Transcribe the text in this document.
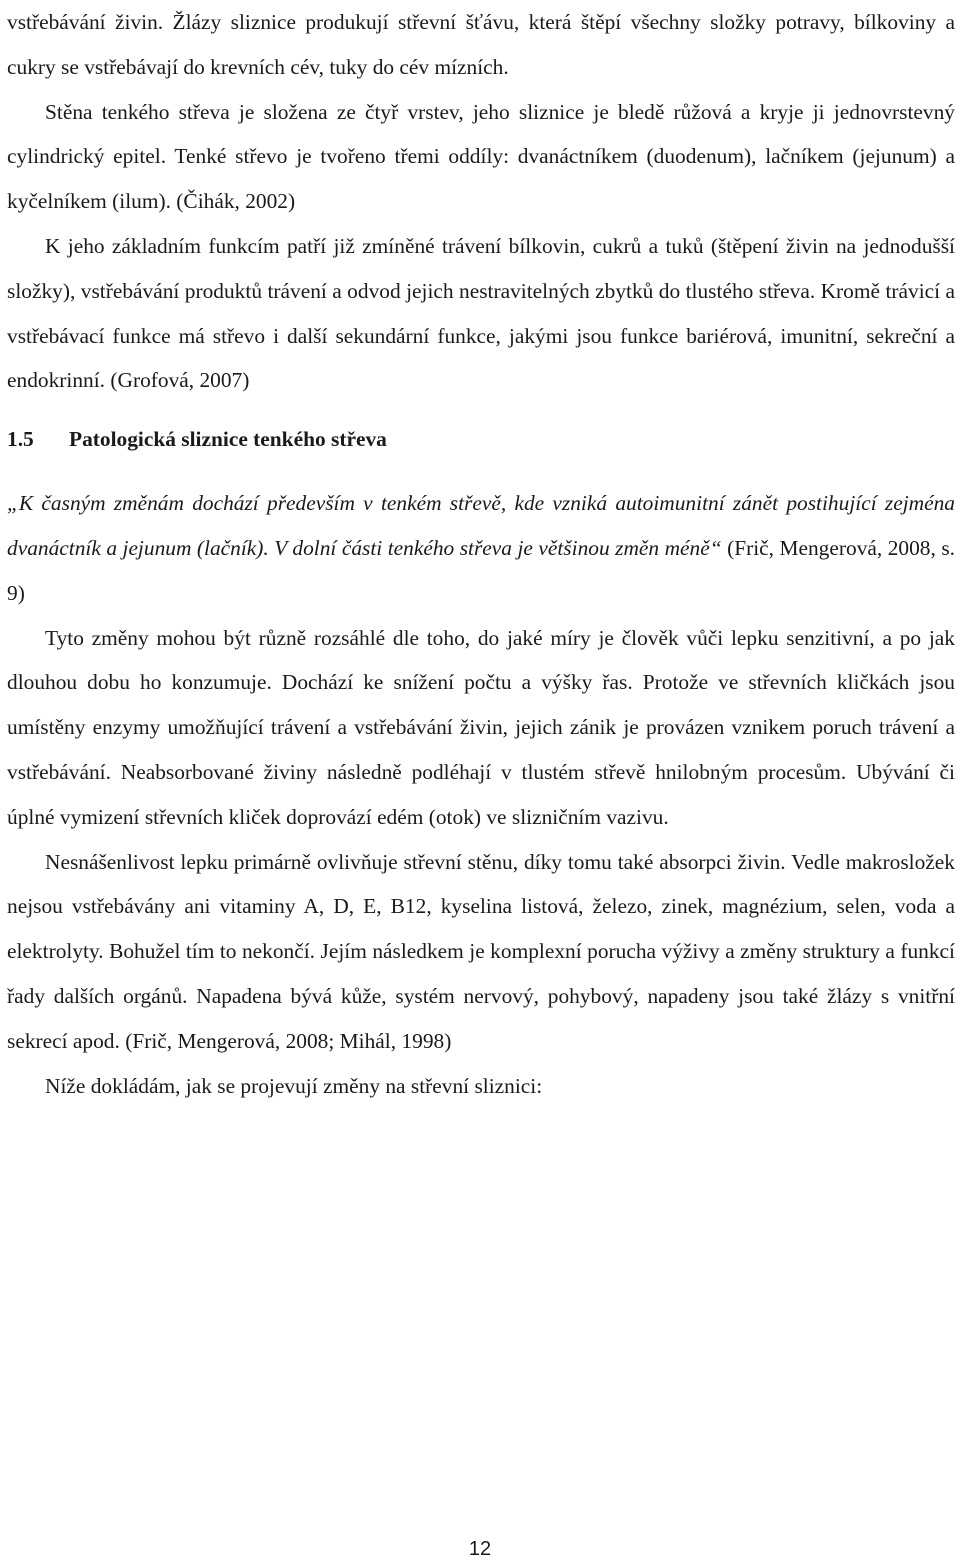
vstřebávání živin. Žlázy sliznice produkují střevní šťávu, která štěpí všechny složky potravy, bílkoviny a cukry se vstřebávají do krevních cév, tuky do cév mízních.

Stěna tenkého střeva je složena ze čtyř vrstev, jeho sliznice je bledě růžová a kryje ji jednovrstevný cylindrický epitel. Tenké střevo je tvořeno třemi oddíly: dvanáctníkem (duodenum), lačníkem (jejunum) a kyčelníkem (ilum). (Čihák, 2002)

K jeho základním funkcím patří již zmíněné trávení bílkovin, cukrů a tuků (štěpení živin na jednodušší složky), vstřebávání produktů trávení a odvod jejich nestravitelných zbytků do tlustého střeva. Kromě trávicí a vstřebávací funkce má střevo i další sekundární funkce, jakými jsou funkce bariérová, imunitní, sekreční a endokrinní. (Grofová, 2007)

1.5 Patologická sliznice tenkého střeva

„K časným změnám dochází především v tenkém střevě, kde vzniká autoimunitní zánět postihující zejména dvanáctník a jejunum (lačník). V dolní části tenkého střeva je většinou změn méně“ (Frič, Mengerová, 2008, s. 9)

Tyto změny mohou být různě rozsáhlé dle toho, do jaké míry je člověk vůči lepku senzitivní, a po jak dlouhou dobu ho konzumuje. Dochází ke snížení počtu a výšky řas. Protože ve střevních kličkách jsou umístěny enzymy umožňující trávení a vstřebávání živin, jejich zánik je provázen vznikem poruch trávení a vstřebávání. Neabsorbované živiny následně podléhají v tlustém střevě hnilobným procesům. Ubývání či úplné vymizení střevních kliček doprovází edém (otok) ve slizničním vazivu.

Nesnášenlivost lepku primárně ovlivňuje střevní stěnu, díky tomu také absorpci živin. Vedle makrosložek nejsou vstřebávány ani vitaminy A, D, E, B12, kyselina listová, železo, zinek, magnézium, selen, voda a elektrolyty. Bohužel tím to nekončí. Jejím následkem je komplexní porucha výživy a změny struktury a funkcí řady dalších orgánů. Napadena bývá kůže, systém nervový, pohybový, napadeny jsou také žlázy s vnitřní sekrecí apod. (Frič, Mengerová, 2008; Mihál, 1998)

Níže dokládám, jak se projevují změny na střevní sliznici:

12
